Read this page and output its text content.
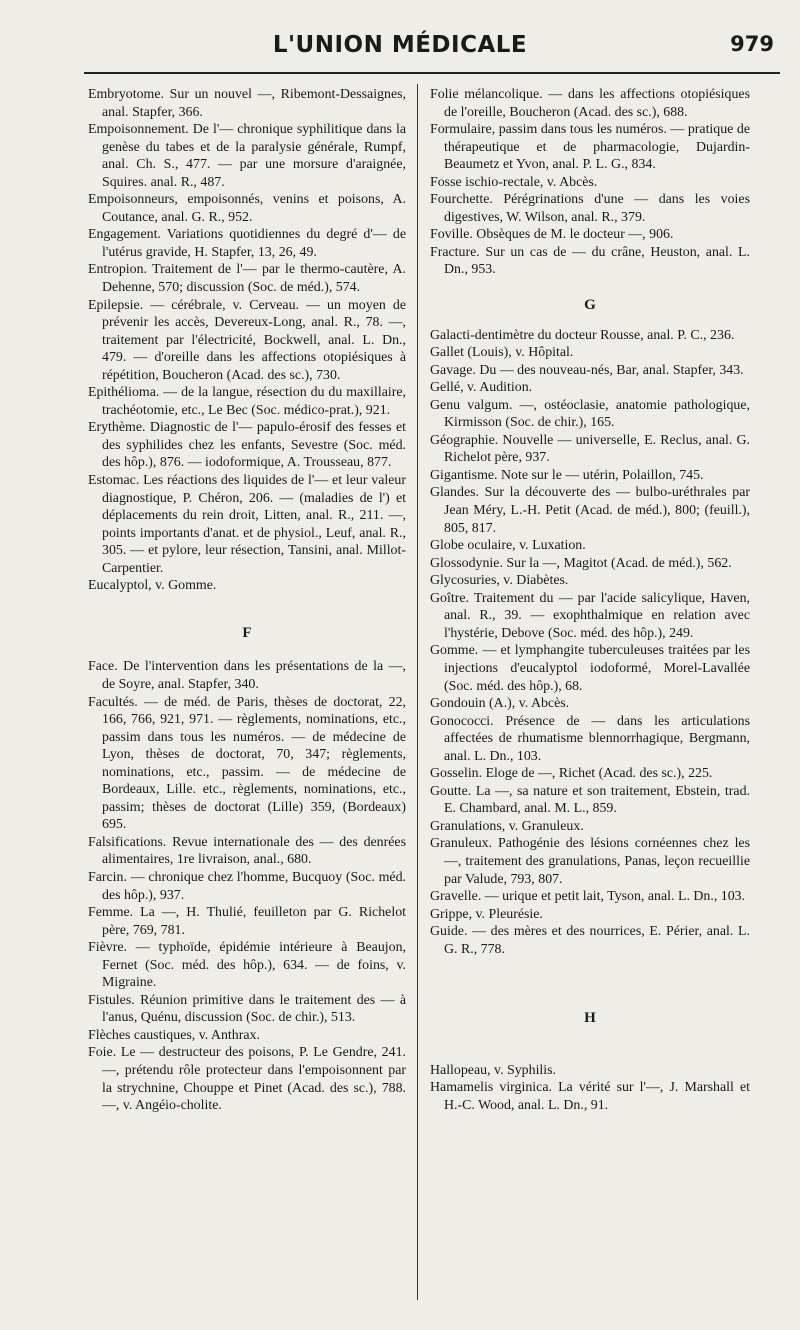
L'UNION MÉDICALE	979

Embryotome. Sur un nouvel —, Ribemont-Dessaignes, anal. Stapfer, 366.

Empoisonnement. De l'— chronique syphilitique dans la genèse du tabes et de la paralysie générale, Rumpf, anal. Ch. S., 477. — par une morsure d'araignée, Squires. anal. R., 487.

Empoisonneurs, empoisonnés, venins et poisons, A. Coutance, anal. G. R., 952.

Engagement. Variations quotidiennes du degré d'— de l'utérus gravide, H. Stapfer, 13, 26, 49.

Entropion. Traitement de l'— par le thermo-cautère, A. Dehenne, 570; discussion (Soc. de méd.), 574.

Epilepsie. — cérébrale, v. Cerveau. — un moyen de prévenir les accès, Devereux-Long, anal. R., 78. —, traitement par l'électricité, Bockwell, anal. L. Dn., 479. — d'oreille dans les affections otopiésiques à répétition, Boucheron (Acad. des sc.), 730.

Epithélioma. — de la langue, résection du du maxillaire, trachéotomie, etc., Le Bec (Soc. médico-prat.), 921.

Erythème. Diagnostic de l'— papulo-érosif des fesses et des syphilides chez les enfants, Sevestre (Soc. méd. des hôp.), 876. — iodoformique, A. Trousseau, 877.

Estomac. Les réactions des liquides de l'— et leur valeur diagnostique, P. Chéron, 206. — (maladies de l') et déplacements du rein droit, Litten, anal. R., 211. —, points importants d'anat. et de physiol., Leuf, anal. R., 305. — et pylore, leur résection, Tansini, anal. Millot-Carpentier.

Eucalyptol, v. Gomme.

F

Face. De l'intervention dans les présentations de la —, de Soyre, anal. Stapfer, 340.

Facultés. — de méd. de Paris, thèses de doctorat, 22, 166, 766, 921, 971. — règlements, nominations, etc., passim dans tous les numéros. — de médecine de Lyon, thèses de doctorat, 70, 347; règlements, nominations, etc., passim. — de médecine de Bordeaux, Lille. etc., règlements, nominations, etc., passim; thèses de doctorat (Lille) 359, (Bordeaux) 695.

Falsifications. Revue internationale des — des denrées alimentaires, 1re livraison, anal., 680.

Farcin. — chronique chez l'homme, Bucquoy (Soc. méd. des hôp.), 937.

Femme. La —, H. Thulié, feuilleton par G. Richelot père, 769, 781.

Fièvre. — typhoïde, épidémie intérieure à Beaujon, Fernet (Soc. méd. des hôp.), 634. — de foins, v. Migraine.

Fistules. Réunion primitive dans le traitement des — à l'anus, Quénu, discussion (Soc. de chir.), 513.

Flèches caustiques, v. Anthrax.

Foie. Le — destructeur des poisons, P. Le Gendre, 241. —, prétendu rôle protecteur dans l'empoisonnent par la strychnine, Chouppe et Pinet (Acad. des sc.), 788. —, v. Angéio-cholite.

Folie mélancolique. — dans les affections otopiésiques de l'oreille, Boucheron (Acad. des sc.), 688.

Formulaire, passim dans tous les numéros. — pratique de thérapeutique et de pharmacologie, Dujardin-Beaumetz et Yvon, anal. P. L. G., 834.

Fosse ischio-rectale, v. Abcès.

Fourchette. Pérégrinations d'une — dans les voies digestives, W. Wilson, anal. R., 379.

Foville. Obsèques de M. le docteur —, 906.

Fracture. Sur un cas de — du crâne, Heuston, anal. L. Dn., 953.

G

Galacti-dentimètre du docteur Rousse, anal. P. C., 236.

Gallet (Louis), v. Hôpital.

Gavage. Du — des nouveau-nés, Bar, anal. Stapfer, 343.

Gellé, v. Audition.

Genu valgum. —, ostéoclasie, anatomie pathologique, Kirmisson (Soc. de chir.), 165.

Géographie. Nouvelle — universelle, E. Reclus, anal. G. Richelot père, 937.

Gigantisme. Note sur le — utérin, Polaillon, 745.

Glandes. Sur la découverte des — bulbo-uréthrales par Jean Méry, L.-H. Petit (Acad. de méd.), 800; (feuill.), 805, 817.

Globe oculaire, v. Luxation.

Glossodynie. Sur la —, Magitot (Acad. de méd.), 562.

Glycosuries, v. Diabètes.

Goître. Traitement du — par l'acide salicylique, Haven, anal. R., 39. — exophthalmique en relation avec l'hystérie, Debove (Soc. méd. des hôp.), 249.

Gomme. — et lymphangite tuberculeuses traitées par les injections d'eucalyptol iodoformé, Morel-Lavallée (Soc. méd. des hôp.), 68.

Gondouin (A.), v. Abcès.

Gonococci. Présence de — dans les articulations affectées de rhumatisme blennorrhagique, Bergmann, anal. L. Dn., 103.

Gosselin. Eloge de —, Richet (Acad. des sc.), 225.

Goutte. La —, sa nature et son traitement, Ebstein, trad. E. Chambard, anal. M. L., 859.

Granulations, v. Granuleux.

Granuleux. Pathogénie des lésions cornéennes chez les —, traitement des granulations, Panas, leçon recueillie par Valude, 793, 807.

Gravelle. — urique et petit lait, Tyson, anal. L. Dn., 103.

Grippe, v. Pleurésie.

Guide. — des mères et des nourrices, E. Périer, anal. L. G. R., 778.

H

Hallopeau, v. Syphilis.

Hamamelis virginica. La vérité sur l'—, J. Marshall et H.-C. Wood, anal. L. Dn., 91.
